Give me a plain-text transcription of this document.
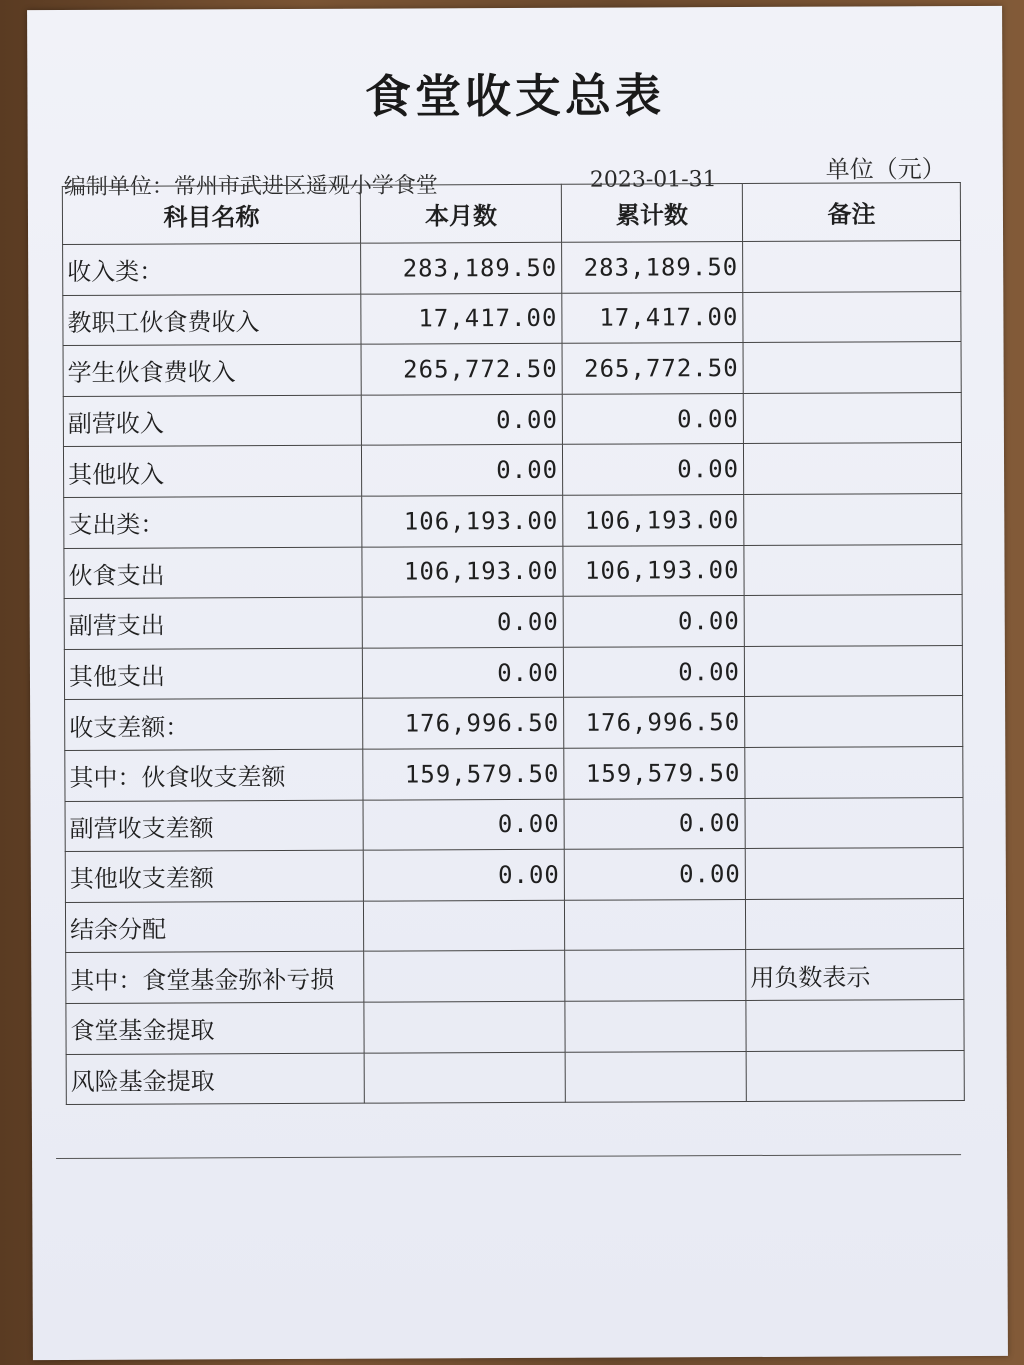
食堂收支总表
编制单位：常州市武进区遥观小学食堂	2023-01-31	单位（元）
科目名称	本月数	累计数	备注
收入类：	283,189.50	283,189.50	
教职工伙食费收入	17,417.00	17,417.00	
学生伙食费收入	265,772.50	265,772.50	
副营收入	0.00	0.00	
其他收入	0.00	0.00	
支出类：	106,193.00	106,193.00	
伙食支出	106,193.00	106,193.00	
副营支出	0.00	0.00	
其他支出	0.00	0.00	
收支差额：	176,996.50	176,996.50	
其中：伙食收支差额	159,579.50	159,579.50	
副营收支差额	0.00	0.00	
其他收支差额	0.00	0.00	
结余分配			
其中：食堂基金弥补亏损			用负数表示
食堂基金提取			
风险基金提取			
